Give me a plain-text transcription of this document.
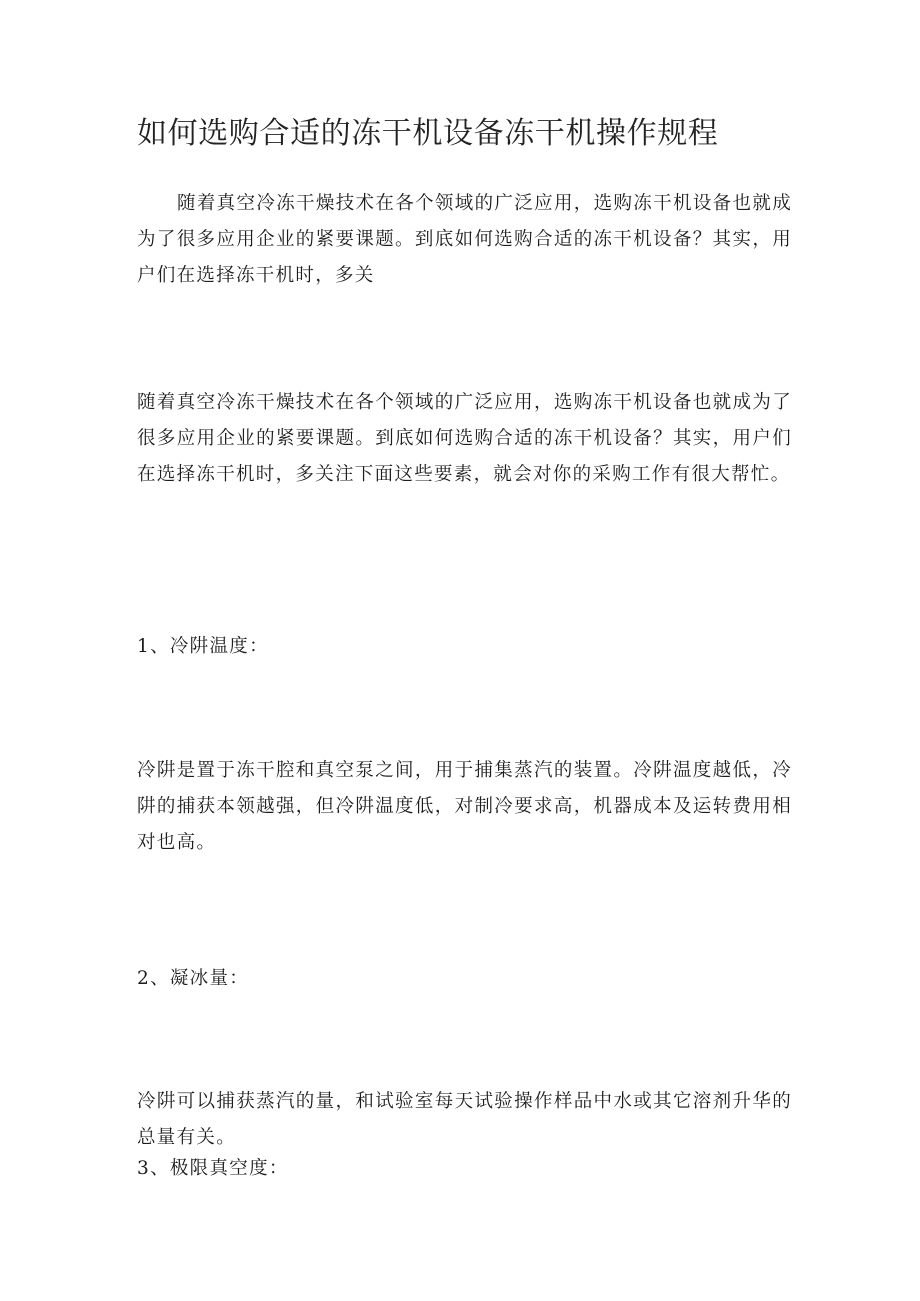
如何选购合适的冻干机设备冻干机操作规程
随着真空冷冻干燥技术在各个领域的广泛应用，选购冻干机设备也就成为了很多应用企业的紧要课题。到底如何选购合适的冻干机设备？其实，用户们在选择冻干机时，多关
随着真空冷冻干燥技术在各个领域的广泛应用，选购冻干机设备也就成为了很多应用企业的紧要课题。到底如何选购合适的冻干机设备？其实，用户们在选择冻干机时，多关注下面这些要素，就会对你的采购工作有很大帮忙。
1、冷阱温度：
冷阱是置于冻干腔和真空泵之间，用于捕集蒸汽的装置。冷阱温度越低，冷阱的捕获本领越强，但冷阱温度低，对制冷要求高，机器成本及运转费用相对也高。
2、凝冰量：
冷阱可以捕获蒸汽的量，和试验室每天试验操作样品中水或其它溶剂升华的总量有关。
3、极限真空度：
